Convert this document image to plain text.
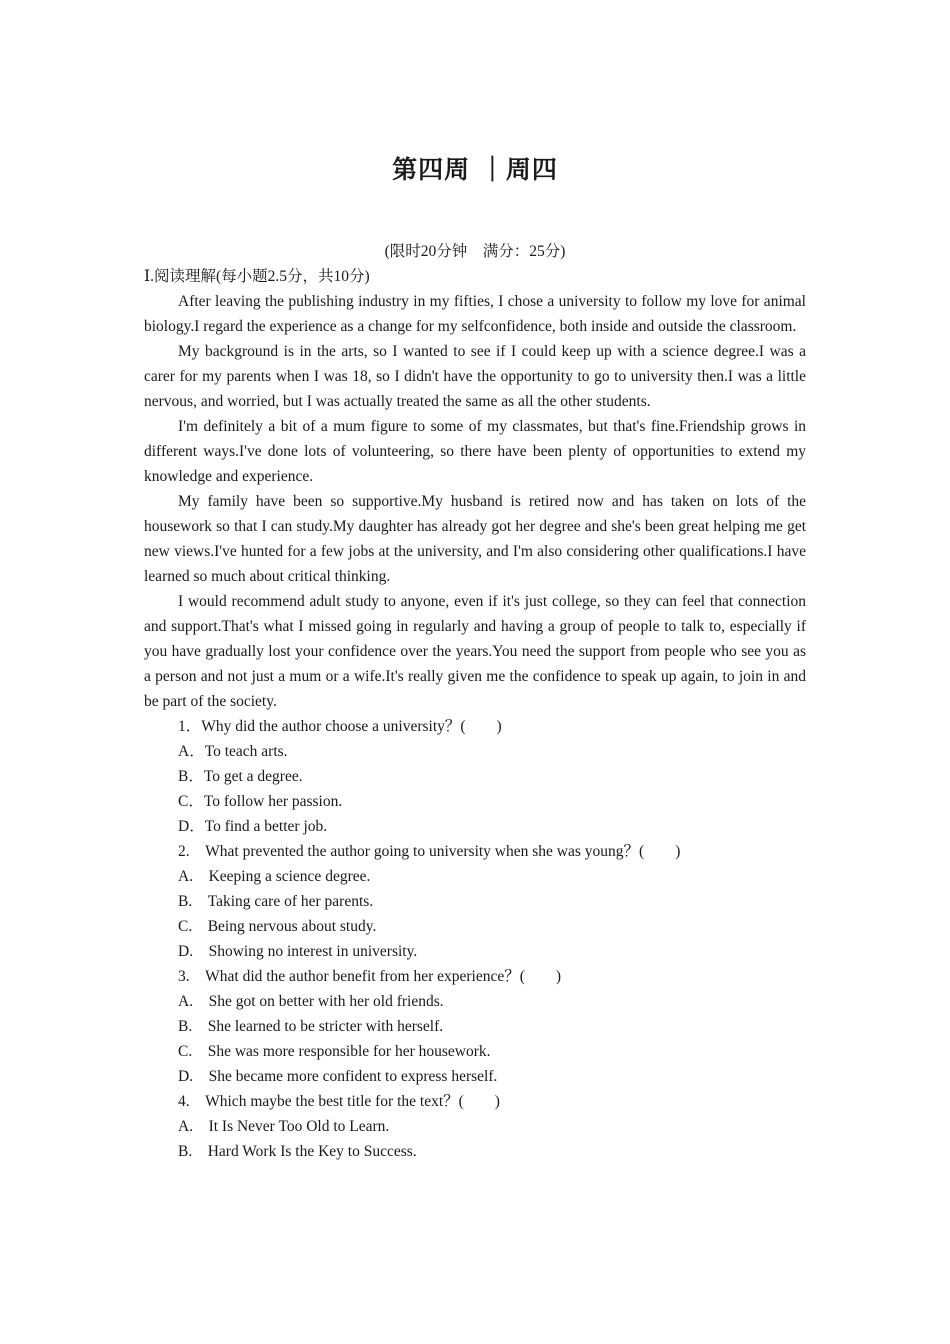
第四周 ｜周四

(限时20分钟　满分：25分)

Ⅰ.阅读理解(每小题2.5分，共10分)

After leaving the publishing industry in my fifties, I chose a university to follow my love for animal biology.I regard the experience as a change for my selfconfidence, both inside and outside the classroom.

My background is in the arts, so I wanted to see if I could keep up with a science degree.I was a carer for my parents when I was 18, so I didn't have the opportunity to go to university then.I was a little nervous, and worried, but I was actually treated the same as all the other students.

I'm definitely a bit of a mum figure to some of my classmates, but that's fine.Friendship grows in different ways.I've done lots of volunteering, so there have been plenty of opportunities to extend my knowledge and experience.

My family have been so supportive.My husband is retired now and has taken on lots of the housework so that I can study.My daughter has already got her degree and she's been great helping me get new views.I've hunted for a few jobs at the university, and I'm also considering other qualifications.I have learned so much about critical thinking.

I would recommend adult study to anyone, even if it's just college, so they can feel that connection and support.That's what I missed going in regularly and having a group of people to talk to, especially if you have gradually lost your confidence over the years.You need the support from people who see you as a person and not just a mum or a wife.It's really given me the confidence to speak up again, to join in and be part of the society.

1．Why did the author choose a university？(　　)

A．To teach arts.

B．To get a degree.

C．To follow her passion.

D．To find a better job.

2.　What prevented the author going to university when she was young？(　　)

A.　Keeping a science degree.

B.　Taking care of her parents.

C.　Being nervous about study.

D.　Showing no interest in university.

3.　What did the author benefit from her experience？(　　)

A.　She got on better with her old friends.

B.　She learned to be stricter with herself.

C.　She was more responsible for her housework.

D.　She became more confident to express herself.

4.　Which maybe the best title for the text？(　　)

A.　It Is Never Too Old to Learn.

B.　Hard Work Is the Key to Success.
